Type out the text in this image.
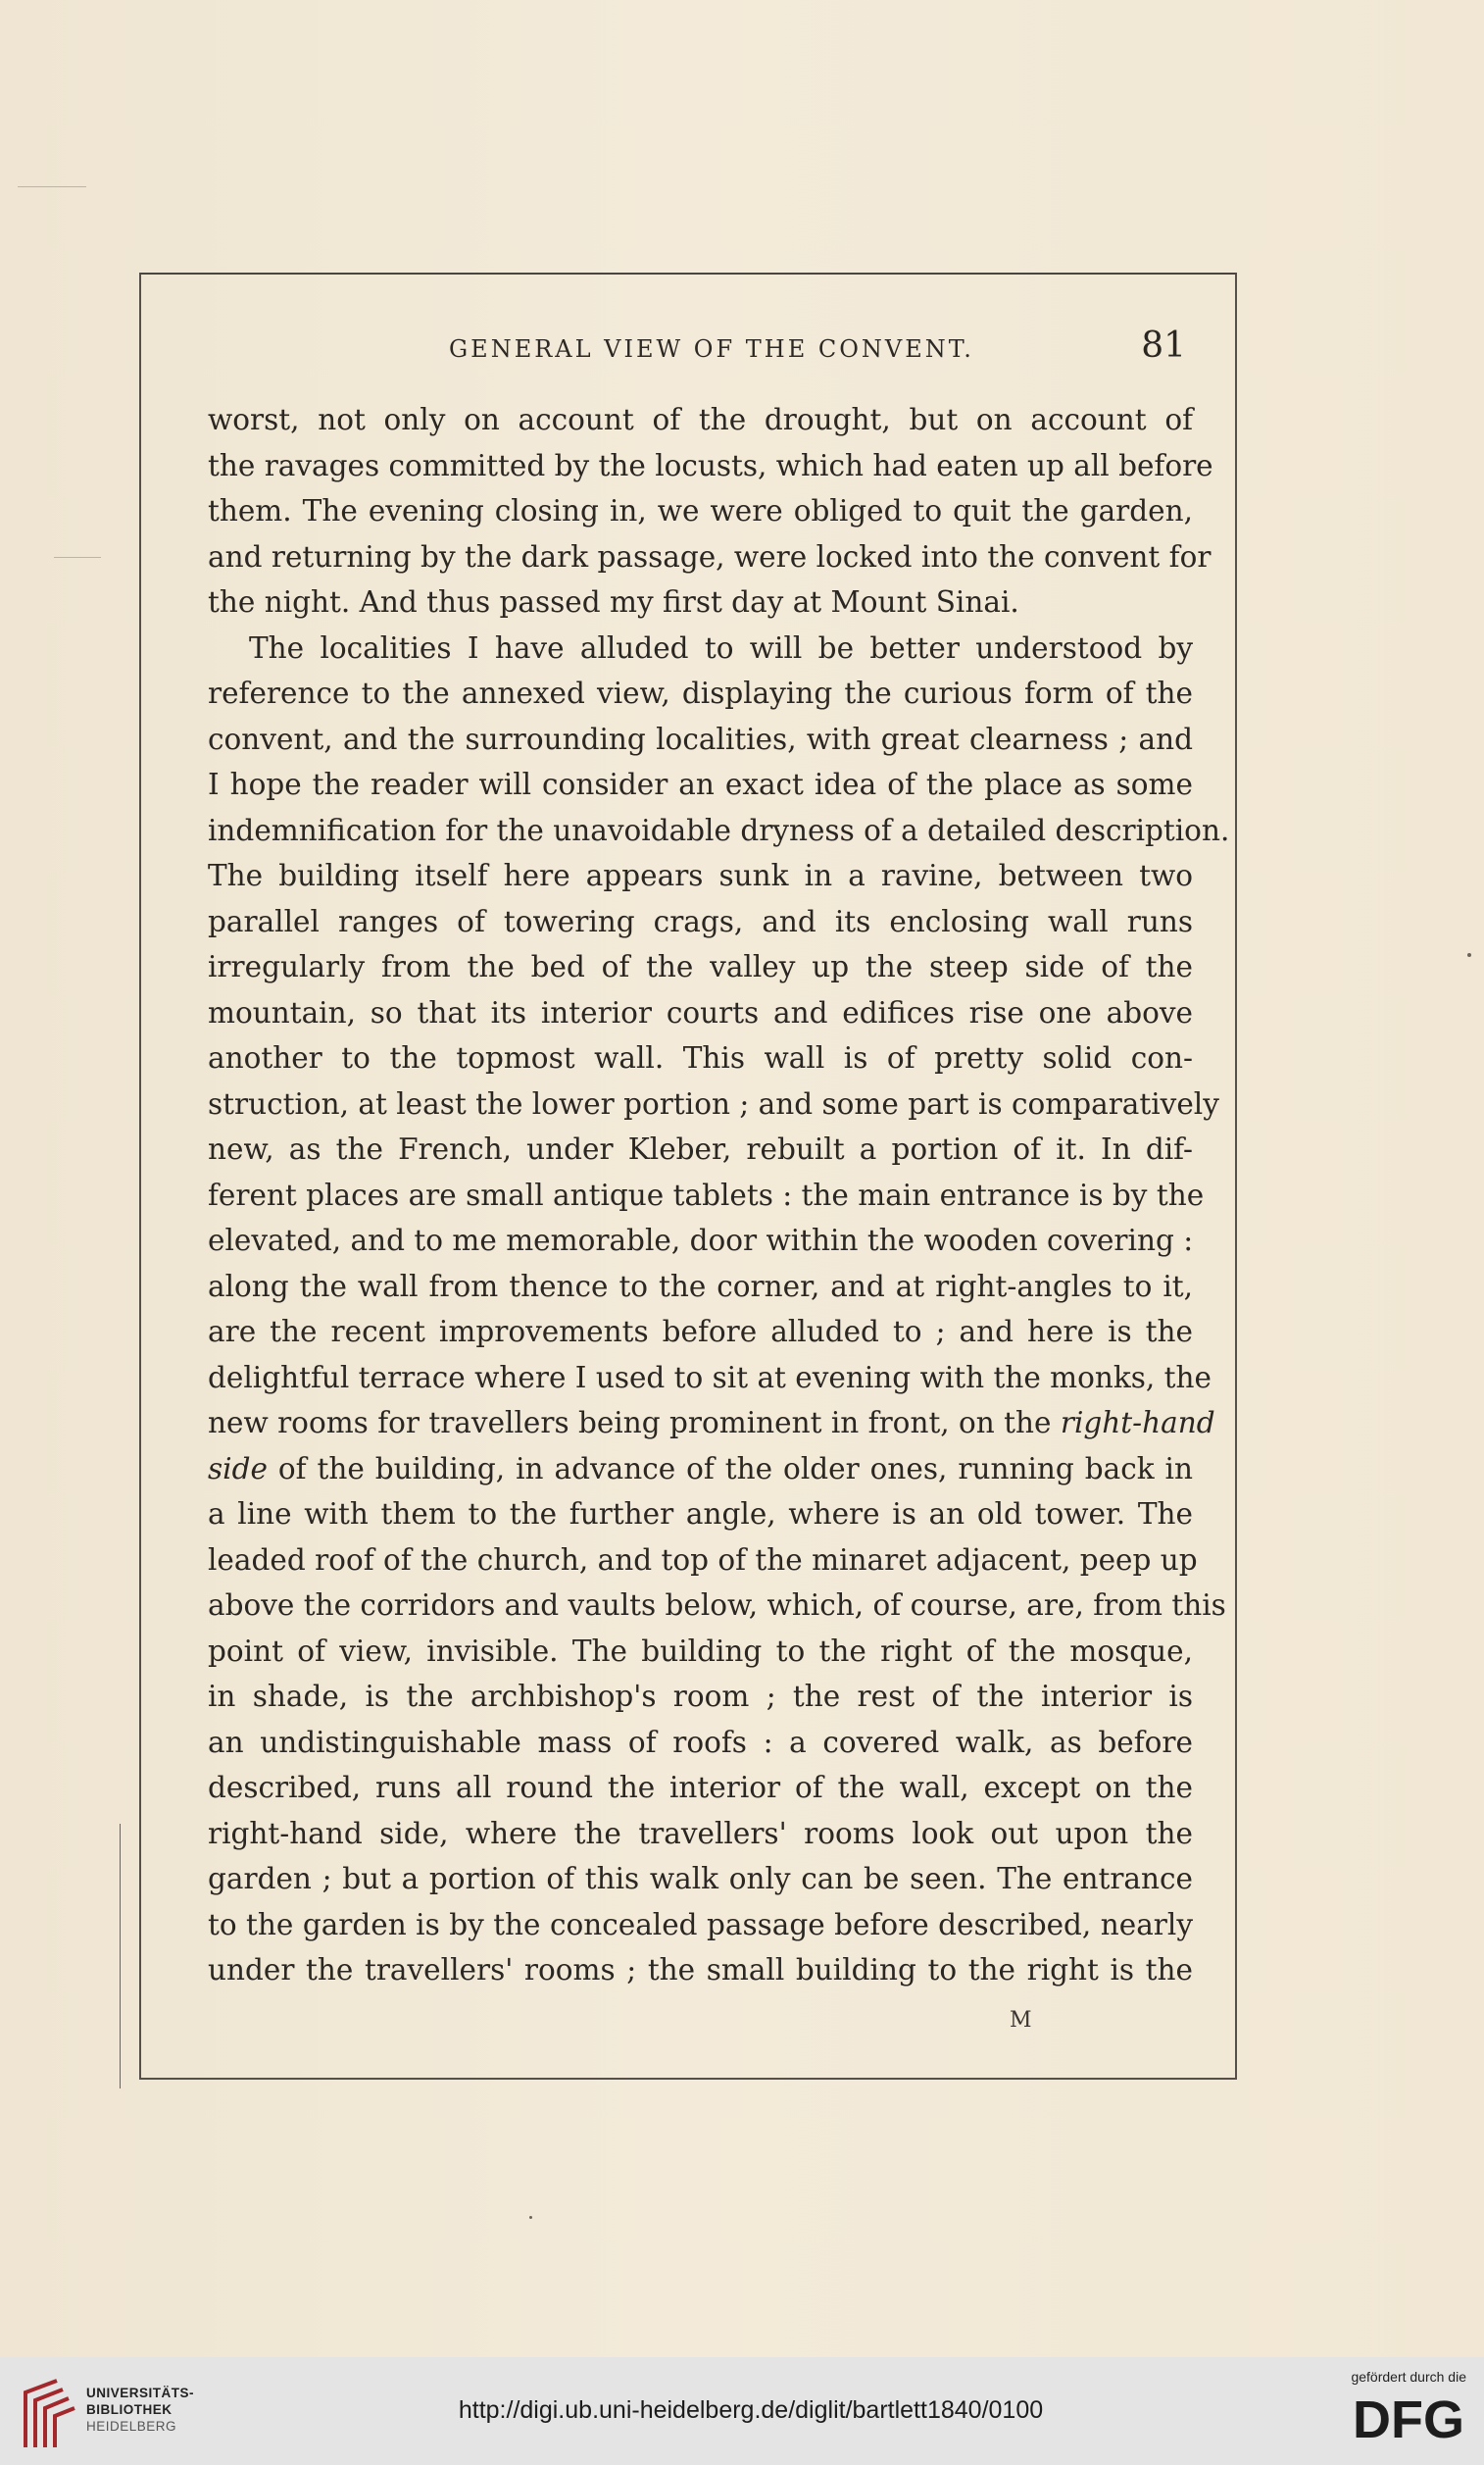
GENERAL VIEW OF THE CONVENT.	81
worst, not only on account of the drought, but on account of
the ravages committed by the locusts, which had eaten up all before
them. The evening closing in, we were obliged to quit the garden,
and returning by the dark passage, were locked into the convent for
the night. And thus passed my first day at Mount Sinai.
The localities I have alluded to will be better understood by
reference to the annexed view, displaying the curious form of the
convent, and the surrounding localities, with great clearness ; and
I hope the reader will consider an exact idea of the place as some
indemnification for the unavoidable dryness of a detailed description.
The building itself here appears sunk in a ravine, between two
parallel ranges of towering crags, and its enclosing wall runs
irregularly from the bed of the valley up the steep side of the
mountain, so that its interior courts and edifices rise one above
another to the topmost wall. This wall is of pretty solid con-
struction, at least the lower portion ; and some part is comparatively
new, as the French, under Kleber, rebuilt a portion of it. In dif-
ferent places are small antique tablets : the main entrance is by the
elevated, and to me memorable, door within the wooden covering :
along the wall from thence to the corner, and at right-angles to it,
are the recent improvements before alluded to ; and here is the
delightful terrace where I used to sit at evening with the monks, the
new rooms for travellers being prominent in front, on the right-hand
side of the building, in advance of the older ones, running back in
a line with them to the further angle, where is an old tower. The
leaded roof of the church, and top of the minaret adjacent, peep up
above the corridors and vaults below, which, of course, are, from this
point of view, invisible. The building to the right of the mosque,
in shade, is the archbishop's room ; the rest of the interior is
an undistinguishable mass of roofs : a covered walk, as before
described, runs all round the interior of the wall, except on the
right-hand side, where the travellers' rooms look out upon the
garden ; but a portion of this walk only can be seen. The entrance
to the garden is by the concealed passage before described, nearly
under the travellers' rooms ; the small building to the right is the
M
UNIVERSITÄTS-
BIBLIOTHEK
HEIDELBERG
http://digi.ub.uni-heidelberg.de/diglit/bartlett1840/0100
gefördert durch die
DFG
